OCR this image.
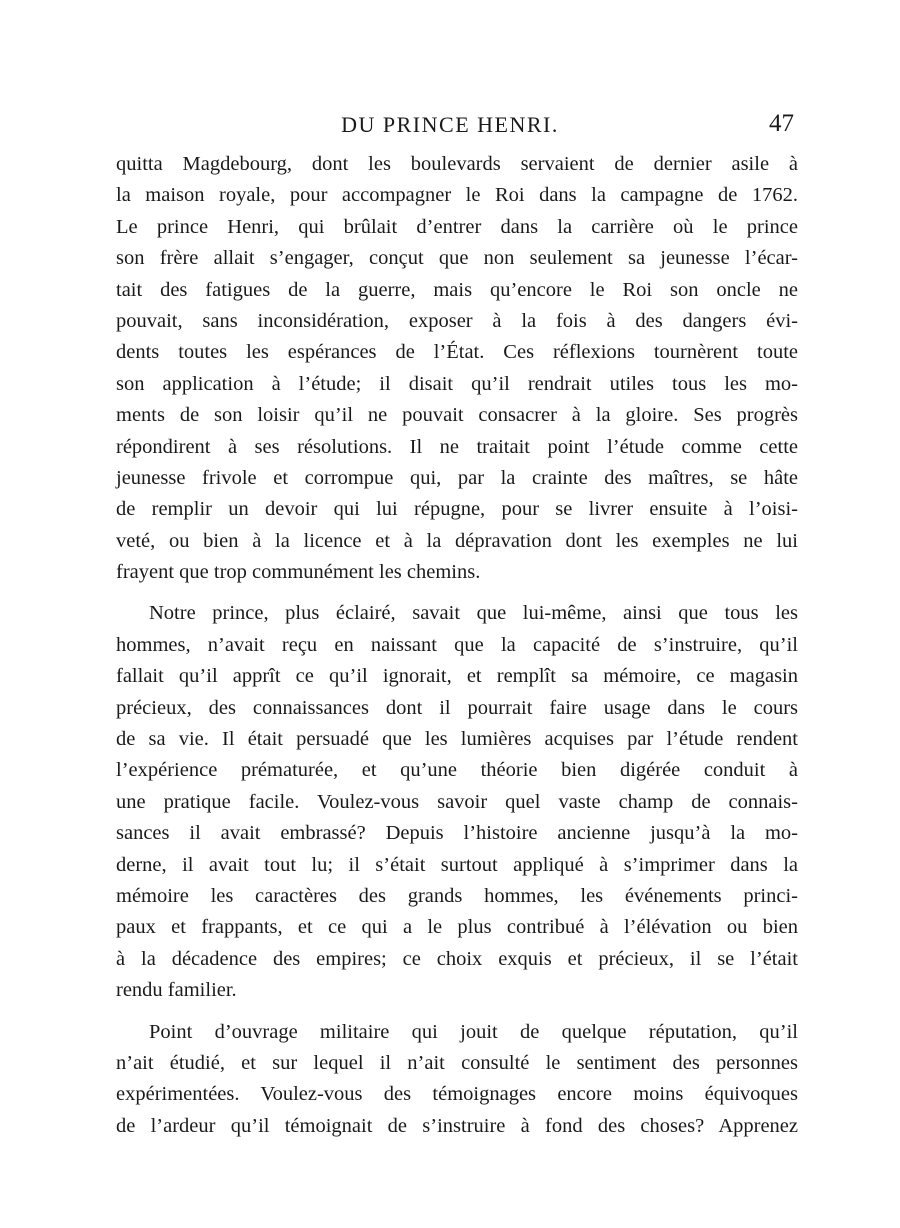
DU PRINCE HENRI.	47
quitta Magdebourg, dont les boulevards servaient de dernier asile à
la maison royale, pour accompagner le Roi dans la campagne de 1762.
Le prince Henri, qui brûlait d’entrer dans la carrière où le prince
son frère allait s’engager, conçut que non seulement sa jeunesse l’écar-
tait des fatigues de la guerre, mais qu’encore le Roi son oncle ne
pouvait, sans inconsidération, exposer à la fois à des dangers évi-
dents toutes les espérances de l’État. Ces réflexions tournèrent toute
son application à l’étude; il disait qu’il rendrait utiles tous les mo-
ments de son loisir qu’il ne pouvait consacrer à la gloire. Ses progrès
répondirent à ses résolutions. Il ne traitait point l’étude comme cette
jeunesse frivole et corrompue qui, par la crainte des maîtres, se hâte
de remplir un devoir qui lui répugne, pour se livrer ensuite à l’oisi-
veté, ou bien à la licence et à la dépravation dont les exemples ne lui
frayent que trop communément les chemins.
Notre prince, plus éclairé, savait que lui-même, ainsi que tous les
hommes, n’avait reçu en naissant que la capacité de s’instruire, qu’il
fallait qu’il apprît ce qu’il ignorait, et remplît sa mémoire, ce magasin
précieux, des connaissances dont il pourrait faire usage dans le cours
de sa vie. Il était persuadé que les lumières acquises par l’étude rendent
l’expérience prématurée, et qu’une théorie bien digérée conduit à
une pratique facile. Voulez-vous savoir quel vaste champ de connais-
sances il avait embrassé? Depuis l’histoire ancienne jusqu’à la mo-
derne, il avait tout lu; il s’était surtout appliqué à s’imprimer dans la
mémoire les caractères des grands hommes, les événements princi-
paux et frappants, et ce qui a le plus contribué à l’élévation ou bien
à la décadence des empires; ce choix exquis et précieux, il se l’était
rendu familier.
Point d’ouvrage militaire qui jouit de quelque réputation, qu’il
n’ait étudié, et sur lequel il n’ait consulté le sentiment des personnes
expérimentées. Voulez-vous des témoignages encore moins équivoques
de l’ardeur qu’il témoignait de s’instruire à fond des choses? Apprenez
